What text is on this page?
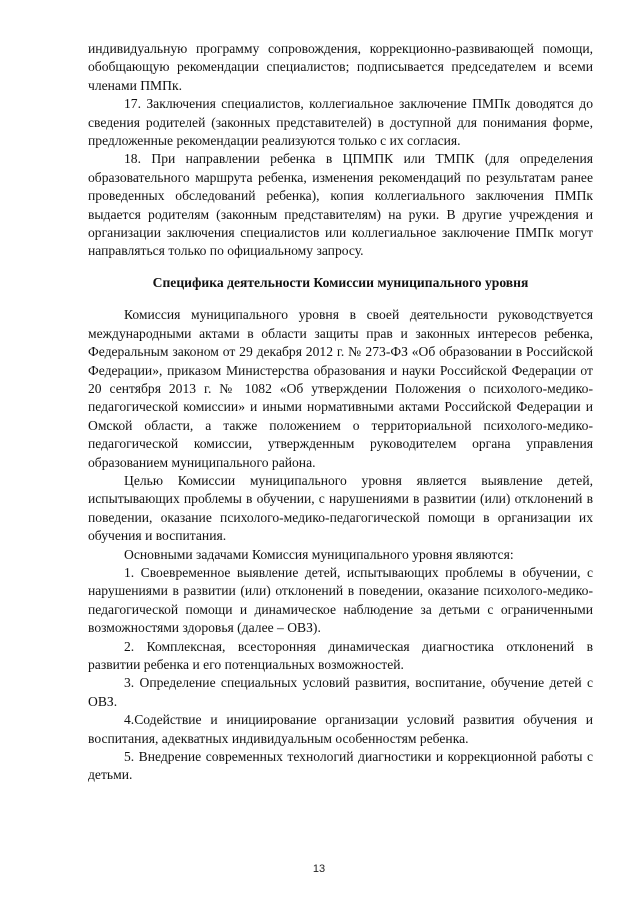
индивидуальную программу сопровождения, коррекционно-развивающей помощи, обобщающую рекомендации специалистов; подписывается председателем и всеми членами ПМПк.

17. Заключения специалистов, коллегиальное заключение ПМПк доводятся до сведения родителей (законных представителей) в доступной для понимания форме, предложенные рекомендации реализуются только с их согласия.

18. При направлении ребенка в ЦПМПК или ТМПК (для определения образовательного маршрута ребенка, изменения рекомендаций по результатам ранее проведенных обследований ребенка), копия коллегиального заключения ПМПк выдается родителям (законным представителям) на руки. В другие учреждения и организации заключения специалистов или коллегиальное заключение ПМПк могут направляться только по официальному запросу.

Специфика деятельности Комиссии муниципального уровня

Комиссия муниципального уровня в своей деятельности руководствуется международными актами в области защиты прав и законных интересов ребенка, Федеральным законом от 29 декабря 2012 г. № 273-ФЗ «Об образовании в Российской Федерации», приказом Министерства образования и науки Российской Федерации от 20 сентября 2013 г. № 1082 «Об утверждении Положения о психолого-медико-педагогической комиссии» и иными нормативными актами Российской Федерации и Омской области, а также положением о территориальной психолого-медико-педагогической комиссии, утвержденным руководителем органа управления образованием муниципального района.

Целью Комиссии муниципального уровня является выявление детей, испытывающих проблемы в обучении, с нарушениями в развитии (или) отклонений в поведении, оказание психолого-медико-педагогической помощи в организации их обучения и воспитания.

Основными задачами Комиссия муниципального уровня являются:

1. Своевременное выявление детей, испытывающих проблемы в обучении, с нарушениями в развитии (или) отклонений в поведении, оказание психолого-медико-педагогической помощи и динамическое наблюдение за детьми с ограниченными возможностями здоровья (далее – ОВЗ).

2. Комплексная, всесторонняя динамическая диагностика отклонений в развитии ребенка и его потенциальных возможностей.

3. Определение специальных условий развития, воспитание, обучение детей с ОВЗ.

4.Содействие и инициирование организации условий развития обучения и воспитания, адекватных индивидуальным особенностям ребенка.

5. Внедрение современных технологий диагностики и коррекционной работы с детьми.

13
